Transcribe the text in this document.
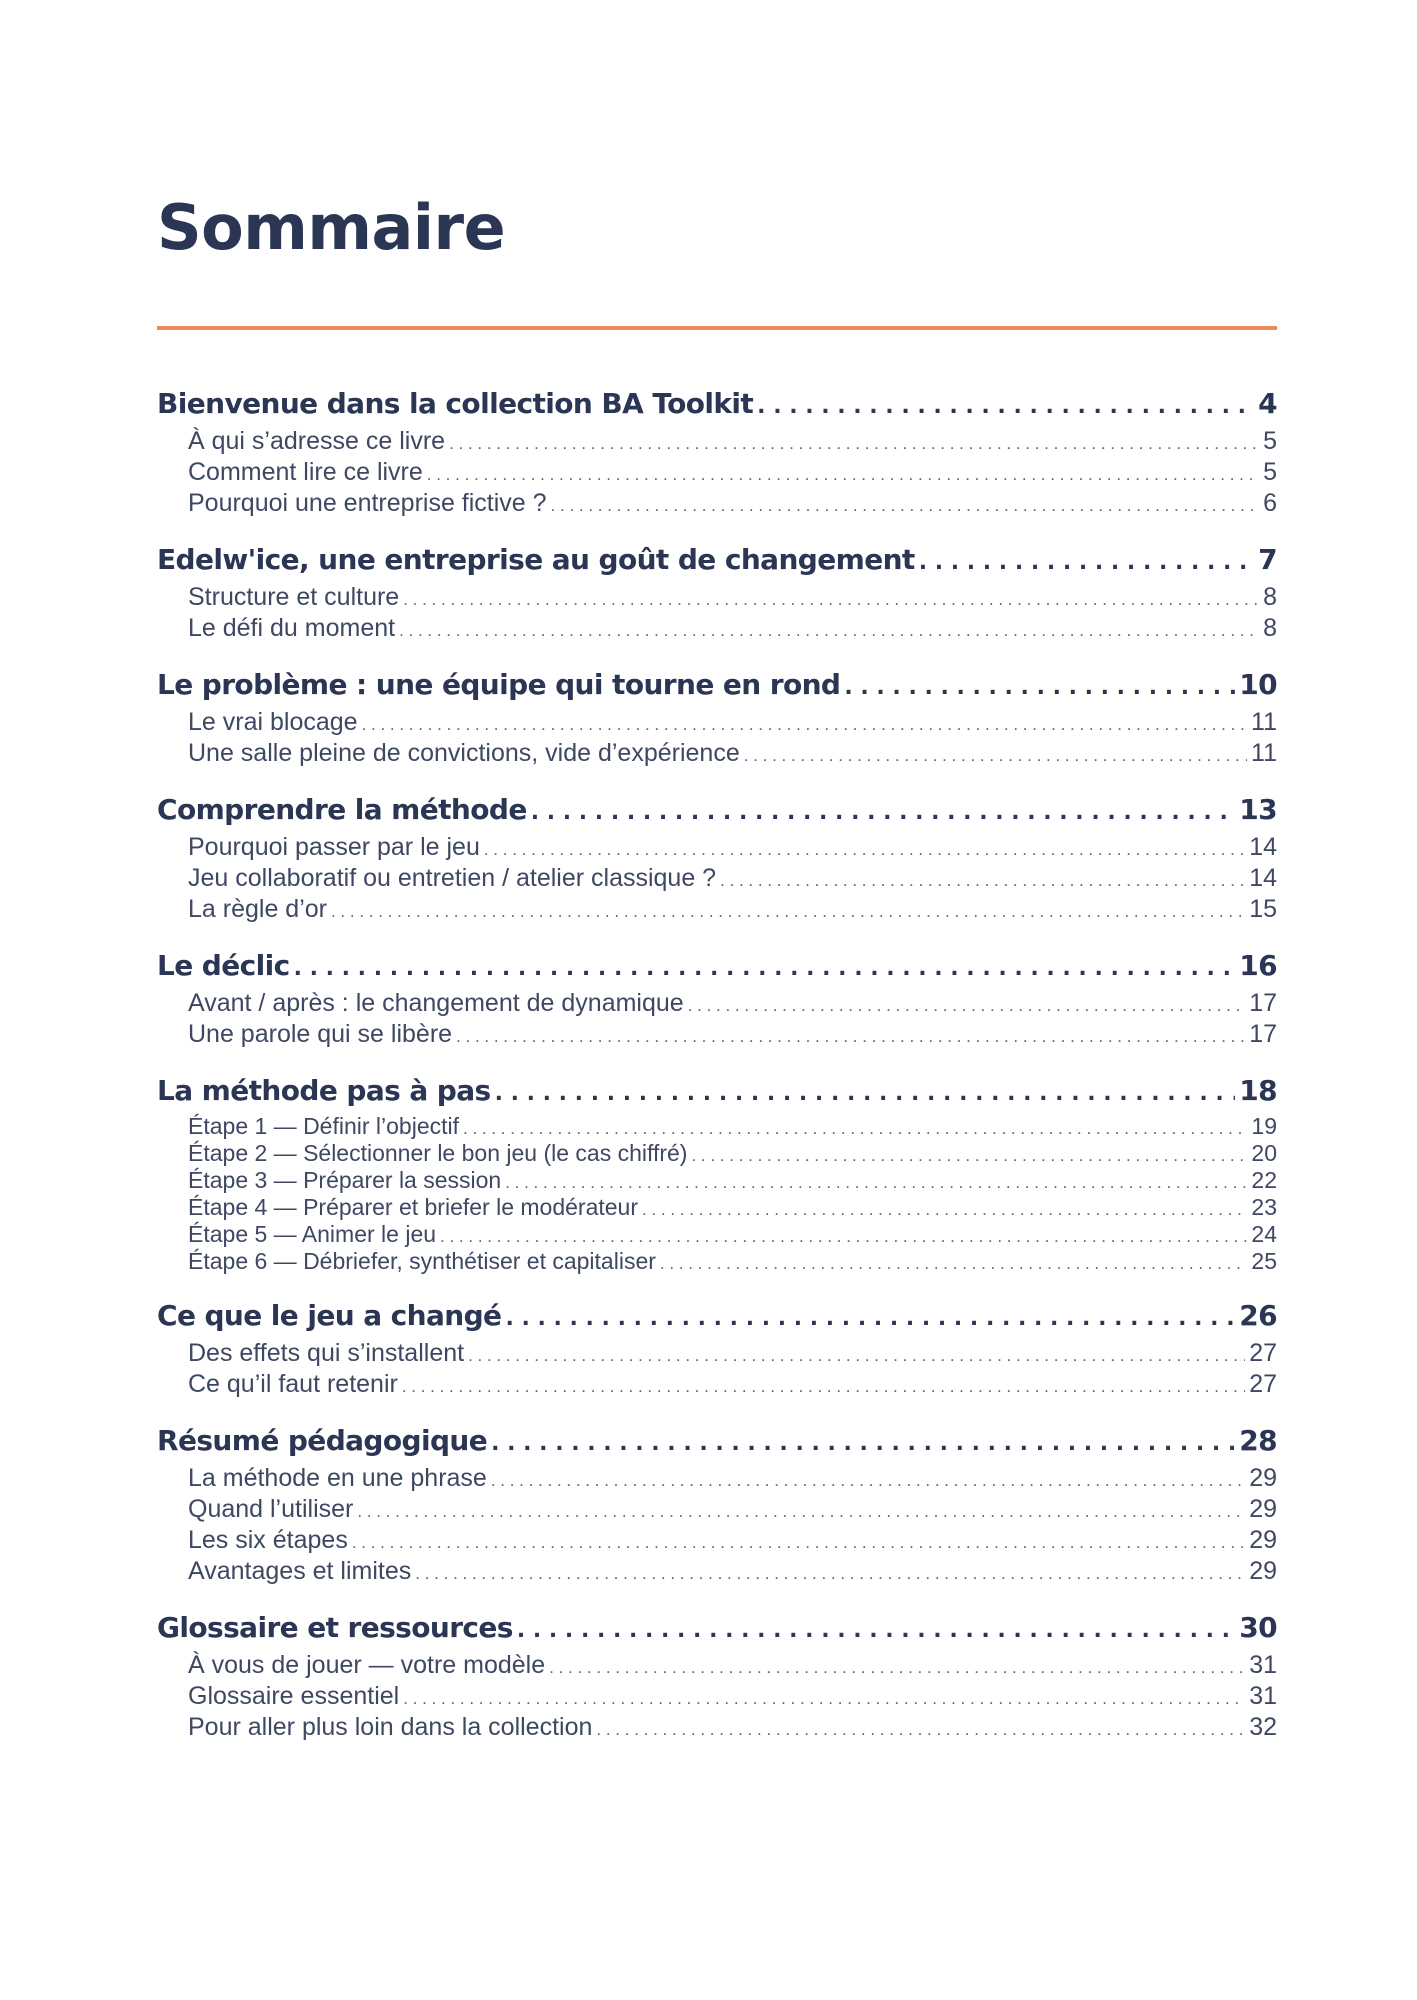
Sommaire
Bienvenue dans la collection BA Toolkit . . .	4
À qui s’adresse ce livre . . .	5
Comment lire ce livre . . .	5
Pourquoi une entreprise fictive ? . . .	6
Edelw'ice, une entreprise au goût de changement . . .	7
Structure et culture . . .	8
Le défi du moment . . .	8
Le problème : une équipe qui tourne en rond . . .	10
Le vrai blocage . . .	11
Une salle pleine de convictions, vide d’expérience . . .	11
Comprendre la méthode . . .	13
Pourquoi passer par le jeu . . .	14
Jeu collaboratif ou entretien / atelier classique ? . . .	14
La règle d’or . . .	15
Le déclic . . .	16
Avant / après : le changement de dynamique . . .	17
Une parole qui se libère . . .	17
La méthode pas à pas . . .	18
Étape 1 — Définir l’objectif . . .	19
Étape 2 — Sélectionner le bon jeu (le cas chiffré) . . .	20
Étape 3 — Préparer la session . . .	22
Étape 4 — Préparer et briefer le modérateur . . .	23
Étape 5 — Animer le jeu . . .	24
Étape 6 — Débriefer, synthétiser et capitaliser . . .	25
Ce que le jeu a changé . . .	26
Des effets qui s’installent . . .	27
Ce qu’il faut retenir . . .	27
Résumé pédagogique . . .	28
La méthode en une phrase . . .	29
Quand l’utiliser . . .	29
Les six étapes . . .	29
Avantages et limites . . .	29
Glossaire et ressources . . .	30
À vous de jouer — votre modèle . . .	31
Glossaire essentiel . . .	31
Pour aller plus loin dans la collection . . .	32
